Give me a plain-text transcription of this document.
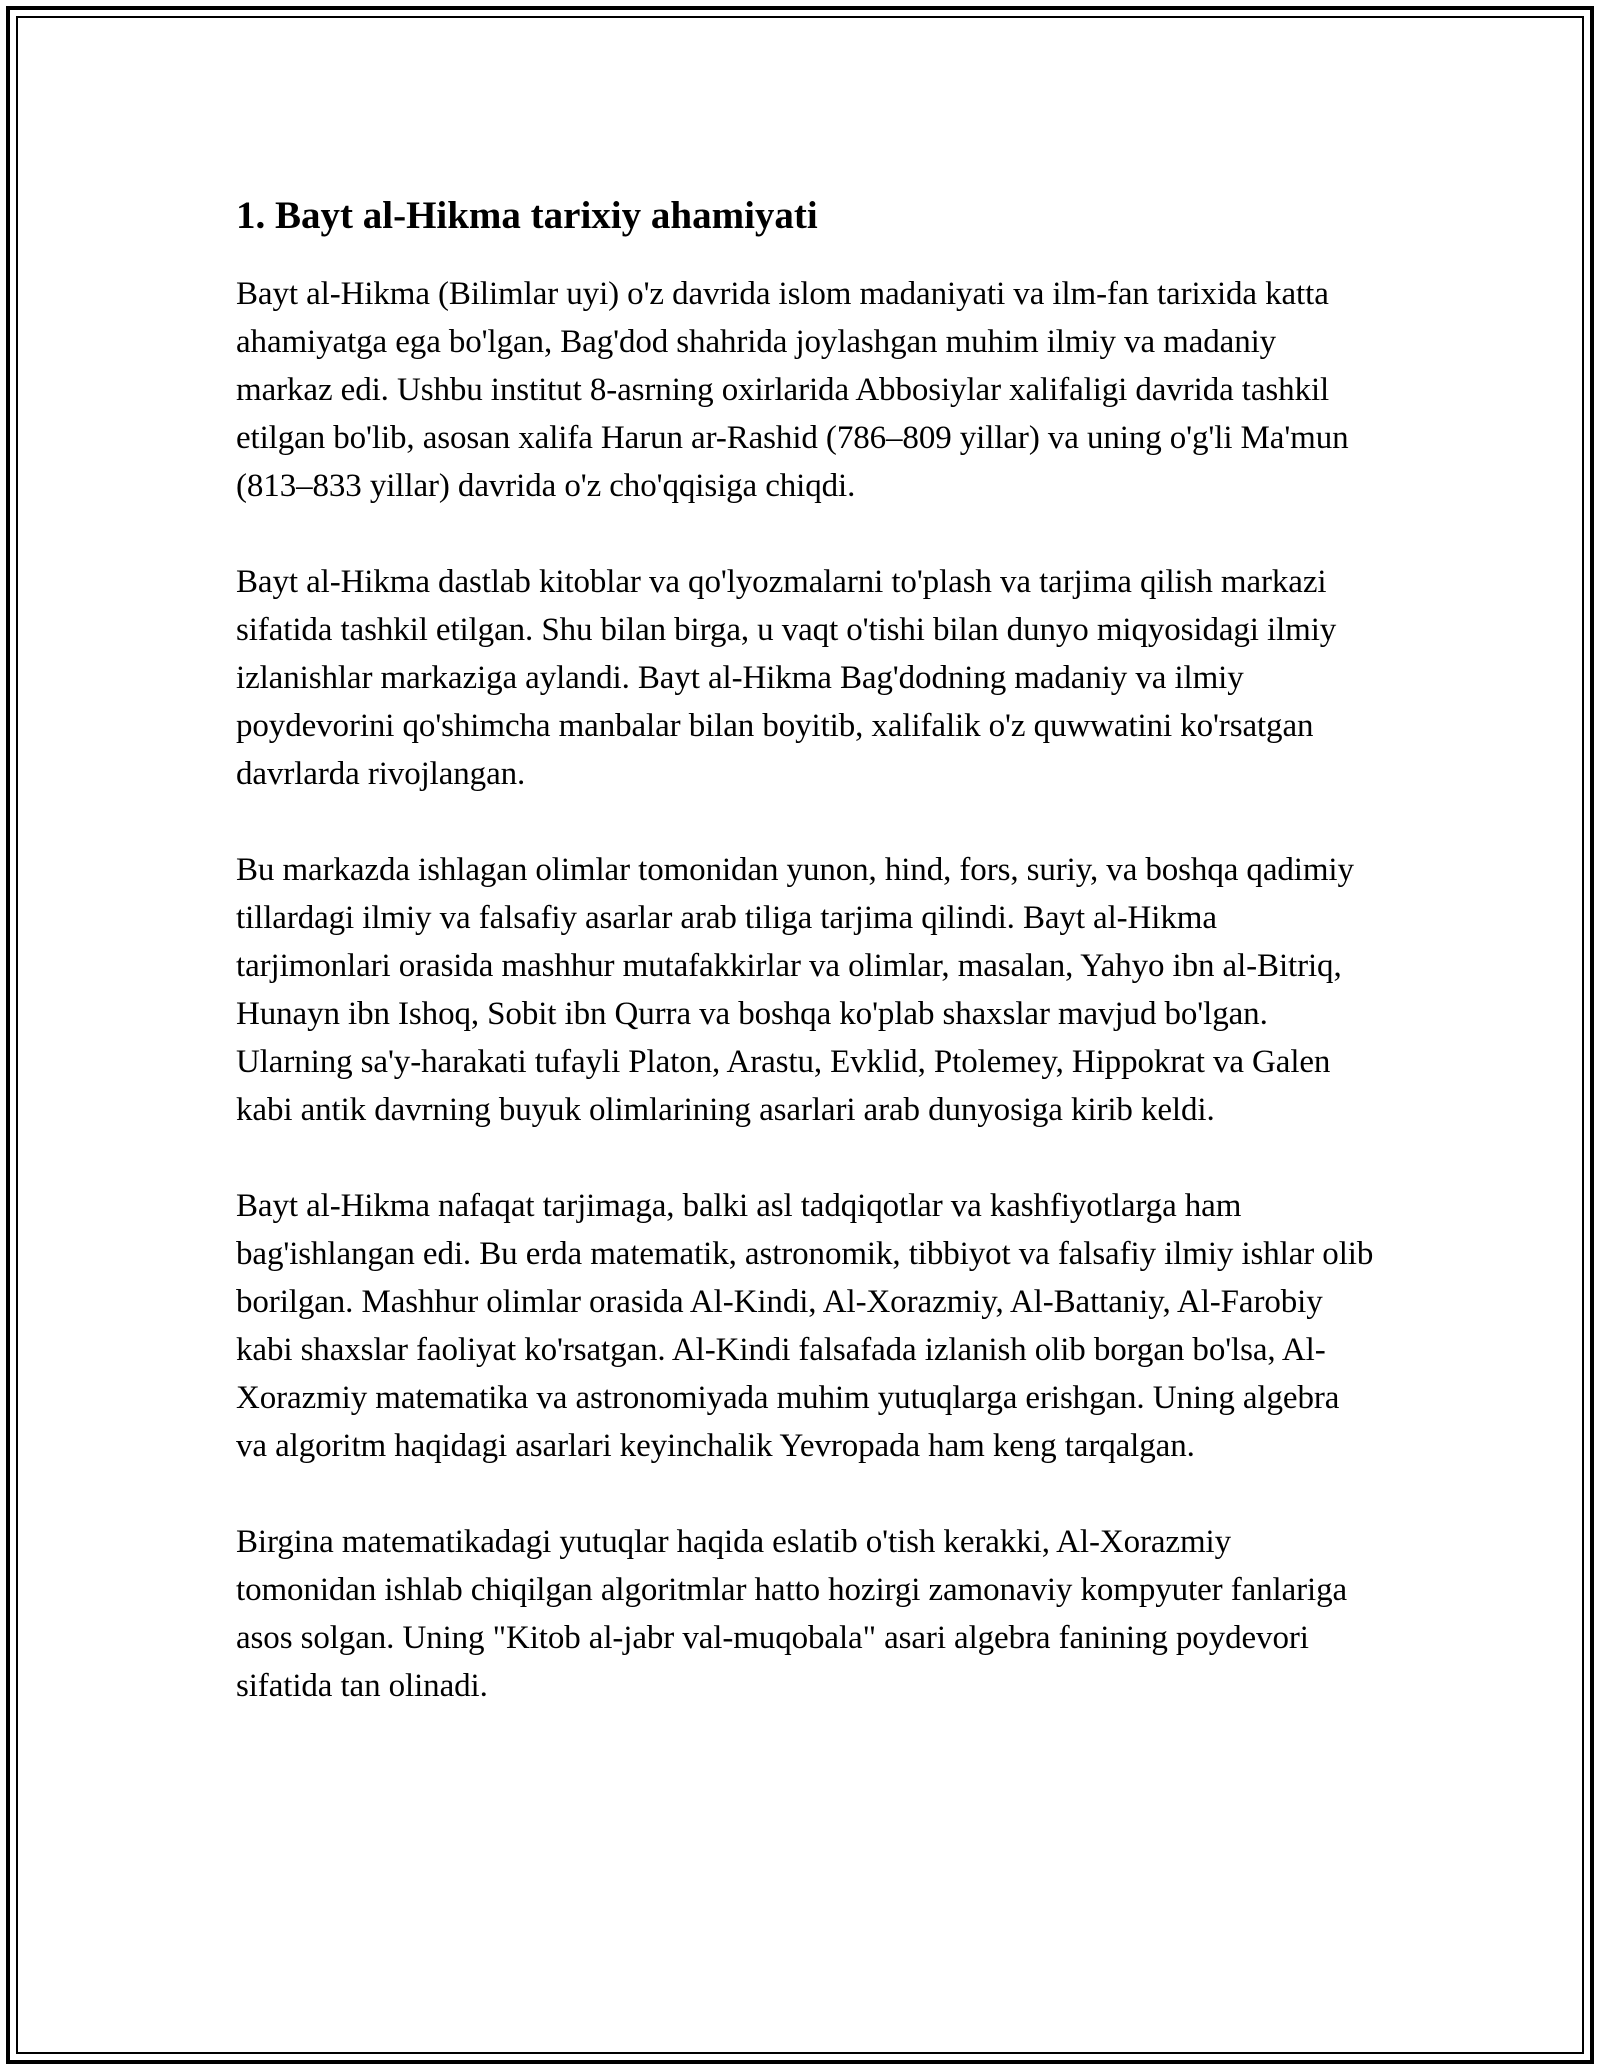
1. Bayt al-Hikma tarixiy ahamiyati

Bayt al-Hikma (Bilimlar uyi) o'z davrida islom madaniyati va ilm-fan tarixida katta ahamiyatga ega bo'lgan, Bag'dod shahrida joylashgan muhim ilmiy va madaniy markaz edi. Ushbu institut 8-asrning oxirlarida Abbosiylar xalifaligi davrida tashkil etilgan bo'lib, asosan xalifa Harun ar-Rashid (786–809 yillar) va uning o'g'li Ma'mun (813–833 yillar) davrida o'z cho'qqisiga chiqdi.

Bayt al-Hikma dastlab kitoblar va qo'lyozmalarni to'plash va tarjima qilish markazi sifatida tashkil etilgan. Shu bilan birga, u vaqt o'tishi bilan dunyo miqyosidagi ilmiy izlanishlar markaziga aylandi. Bayt al-Hikma Bag'dodning madaniy va ilmiy poydevorini qo'shimcha manbalar bilan boyitib, xalifalik o'z quwwatini ko'rsatgan davrlarda rivojlangan.

Bu markazda ishlagan olimlar tomonidan yunon, hind, fors, suriy, va boshqa qadimiy tillardagi ilmiy va falsafiy asarlar arab tiliga tarjima qilindi. Bayt al-Hikma tarjimonlari orasida mashhur mutafakkirlar va olimlar, masalan, Yahyo ibn al-Bitriq, Hunayn ibn Ishoq, Sobit ibn Qurra va boshqa ko'plab shaxslar mavjud bo'lgan. Ularning sa'y-harakati tufayli Platon, Arastu, Evklid, Ptolemey, Hippokrat va Galen kabi antik davrning buyuk olimlarining asarlari arab dunyosiga kirib keldi.

Bayt al-Hikma nafaqat tarjimaga, balki asl tadqiqotlar va kashfiyotlarga ham bag'ishlangan edi. Bu erda matematik, astronomik, tibbiyot va falsafiy ilmiy ishlar olib borilgan. Mashhur olimlar orasida Al-Kindi, Al-Xorazmiy, Al-Battaniy, Al-Farobiy kabi shaxslar faoliyat ko'rsatgan. Al-Kindi falsafada izlanish olib borgan bo'lsa, Al-Xorazmiy matematika va astronomiyada muhim yutuqlarga erishgan. Uning algebra va algoritm haqidagi asarlari keyinchalik Yevropada ham keng tarqalgan.

Birgina matematikadagi yutuqlar haqida eslatib o'tish kerakki, Al-Xorazmiy tomonidan ishlab chiqilgan algoritmlar hatto hozirgi zamonaviy kompyuter fanlariga asos solgan. Uning "Kitob al-jabr val-muqobala" asari algebra fanining poydevori sifatida tan olinadi.
